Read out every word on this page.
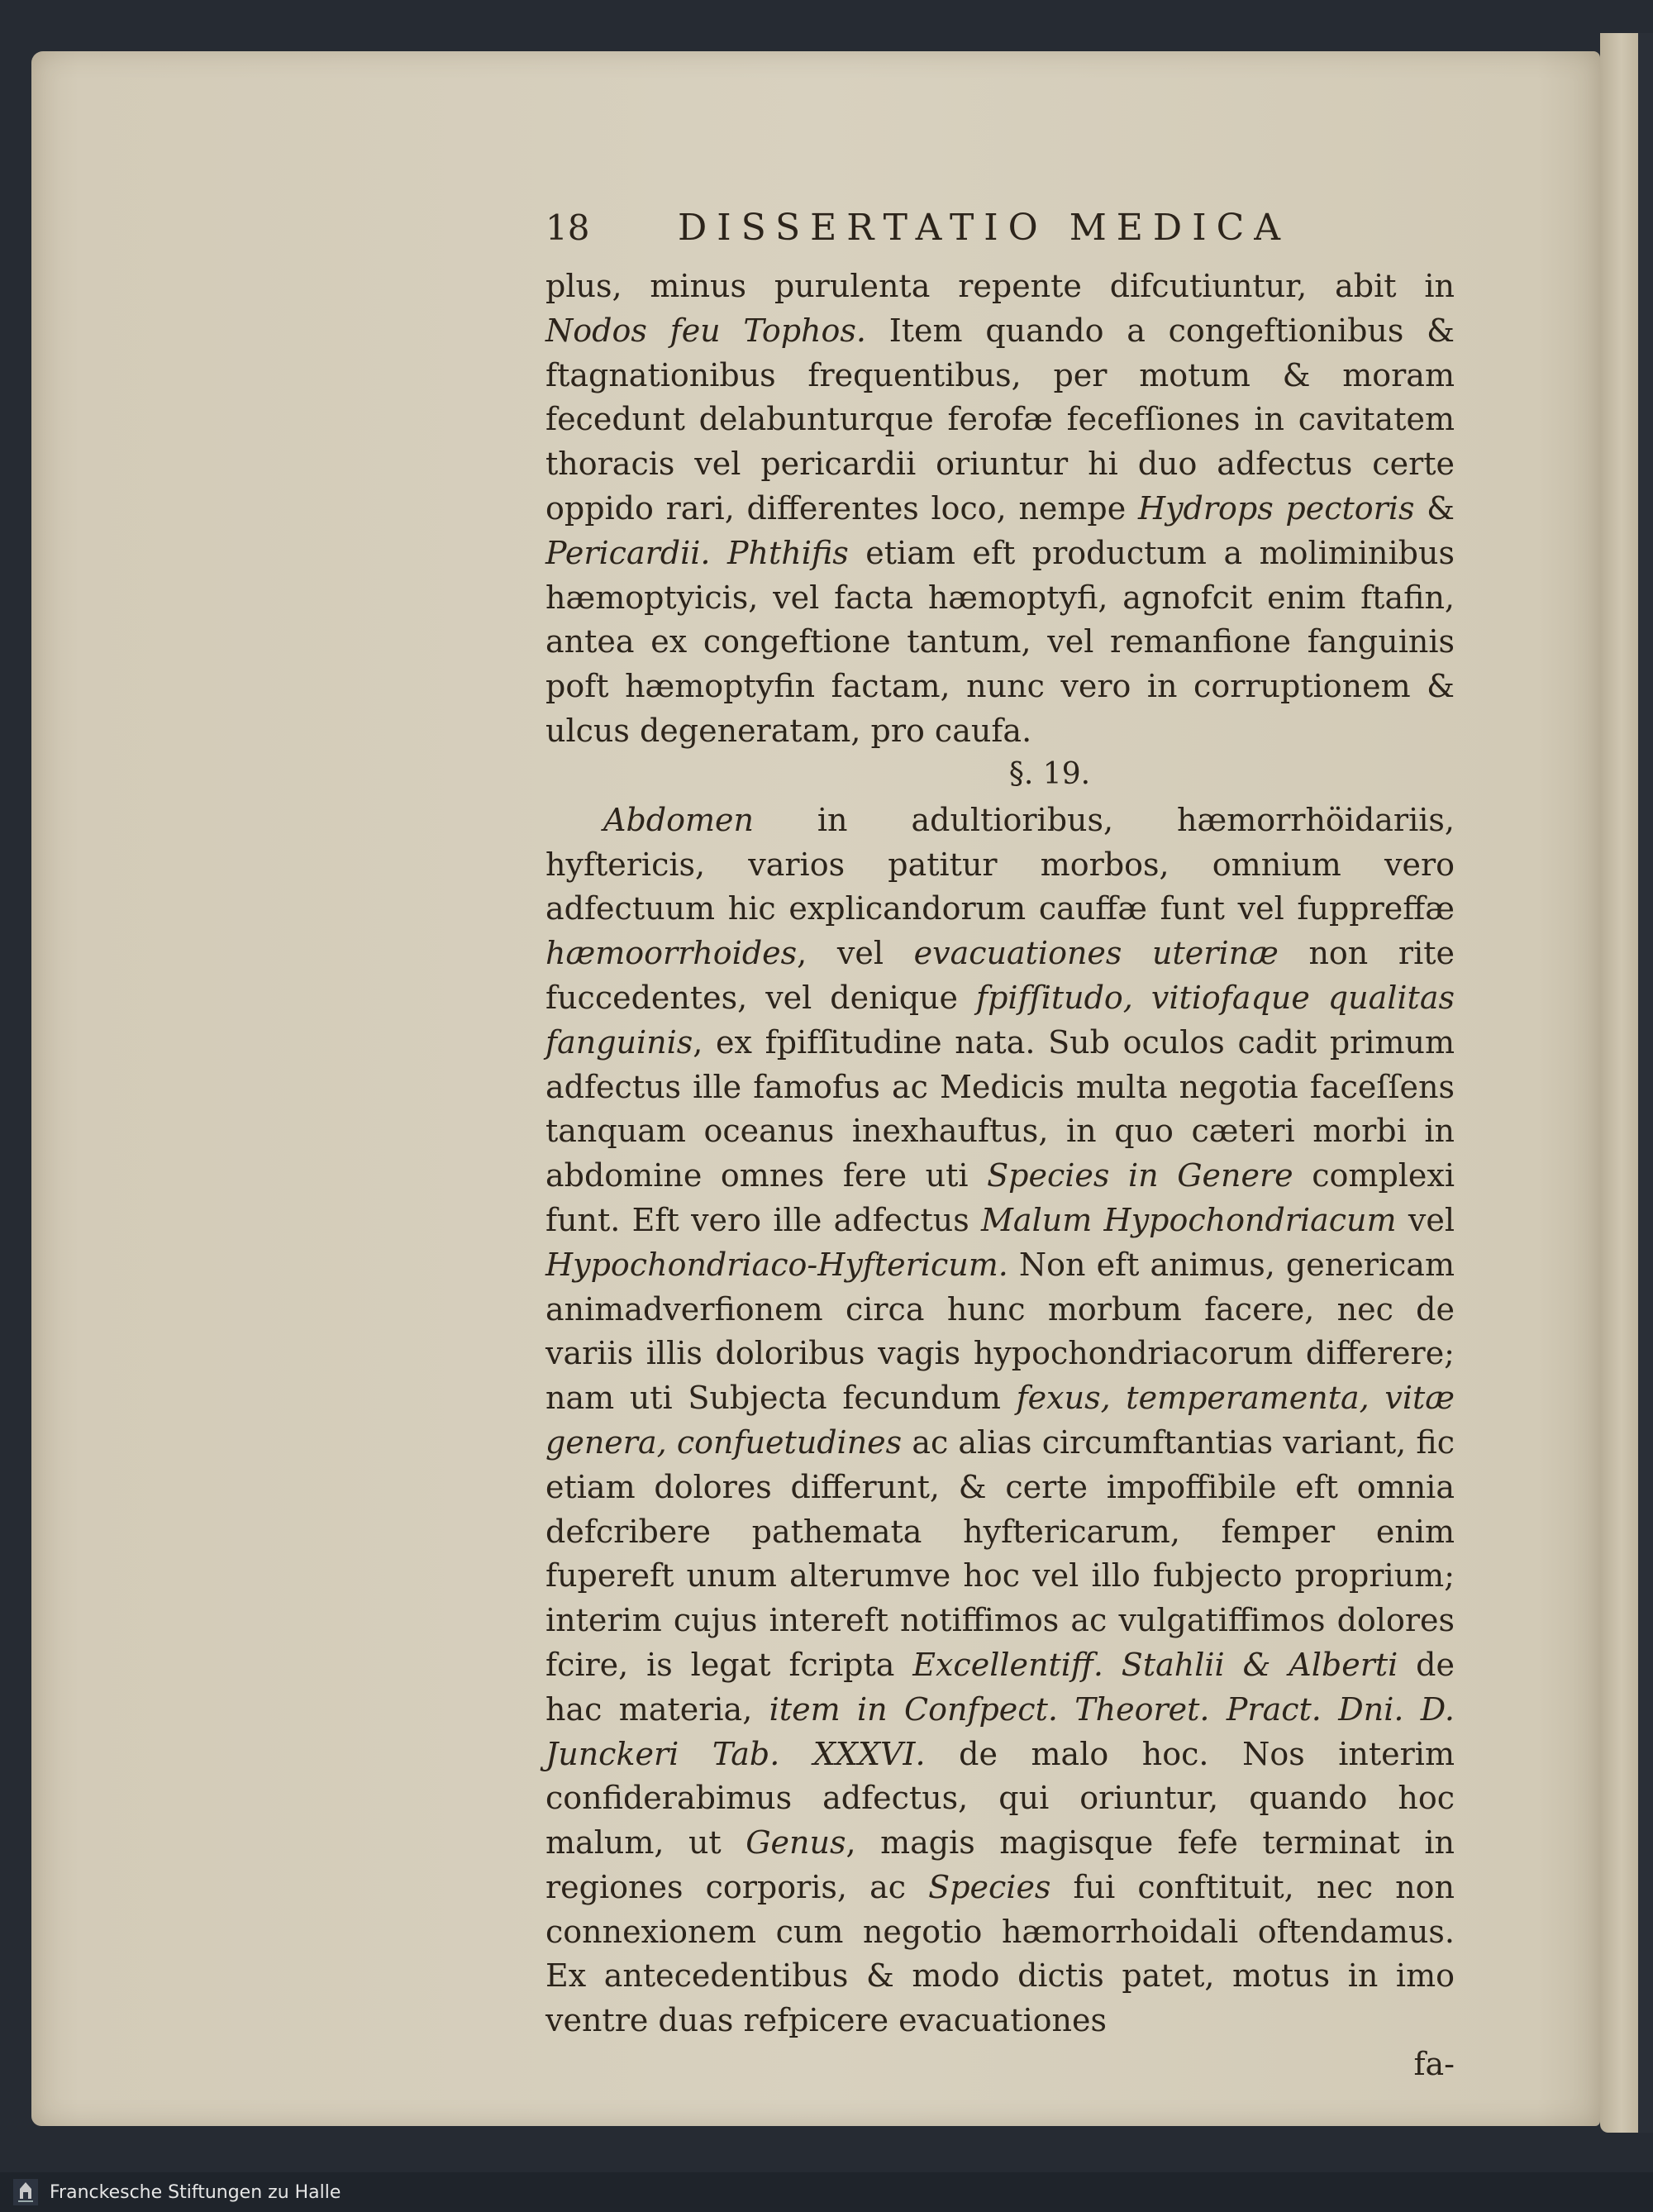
18	DISSERTATIO MEDICA

plus, minus purulenta repente difcutiuntur, abit in Nodos feu Tophos. Item quando a congeftionibus & ftagnationibus frequentibus, per motum & moram fecedunt delabunturque ferofæ fecefſiones in cavitatem thoracis vel pericardii oriuntur hi duo adfectus certe oppido rari, differentes loco, nempe Hydrops pectoris & Pericardii. Phthifis etiam eft productum a moliminibus hæmoptyicis, vel facta hæmoptyfi, agnofcit enim ftafin, antea ex congeftione tantum, vel remanfione fanguinis poft hæmoptyfin factam, nunc vero in corruptionem & ulcus degeneratam, pro caufa.

§. 19.

Abdomen in adultioribus, hæmorrhöidariis, hyftericis, varios patitur morbos, omnium vero adfectuum hic explicandorum cauffæ funt vel fuppreffæ hæmoorrhoides, vel evacuationes uterinæ non rite fuccedentes, vel denique fpifſitudo, vitiofaque qualitas fanguinis, ex fpifſitudine nata. Sub oculos cadit primum adfectus ille famofus ac Medicis multa negotia faceſſens tanquam oceanus inexhauftus, in quo cæteri morbi in abdomine omnes fere uti Species in Genere complexi funt. Eft vero ille adfectus Malum Hypochondriacum vel Hypochondriaco-Hyftericum. Non eft animus, genericam animadverfionem circa hunc morbum facere, nec de variis illis doloribus vagis hypochondriacorum differere; nam uti Subjecta fecundum fexus, temperamenta, vitæ genera, confuetudines ac alias circumftantias variant, fic etiam dolores differunt, & certe impoffibile eft omnia defcribere pathemata hyftericarum, femper enim fupereft unum alterumve hoc vel illo fubjecto proprium; interim cujus intereft notiffimos ac vulgatiffimos dolores fcire, is legat fcripta Excellentiff. Stahlii & Alberti de hac materia, item in Confpect. Theoret. Pract. Dni. D. Junckeri Tab. XXXVI. de malo hoc. Nos interim confiderabimus adfectus, qui oriuntur, quando hoc malum, ut Genus, magis magisque fefe terminat in regiones corporis, ac Species fui conftituit, nec non connexionem cum negotio hæmorrhoidali oftendamus. Ex antecedentibus & modo dictis patet, motus in imo ventre duas refpicere evacuationes

fa-

Franckesche Stiftungen zu Halle
